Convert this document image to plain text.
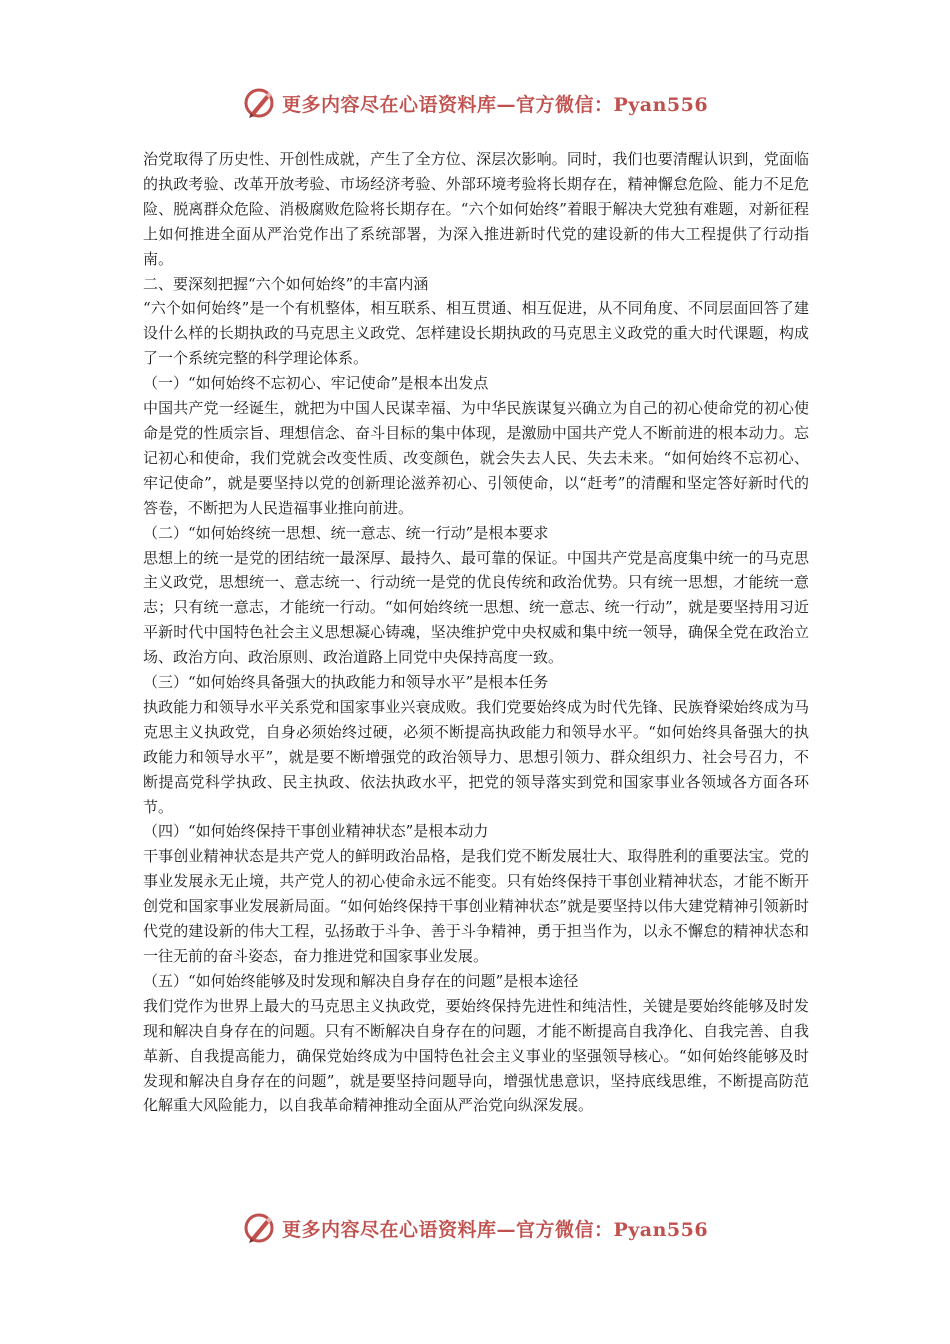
更多内容尽在心语资料库—官方微信：Pyan556

治党取得了历史性、开创性成就，产生了全方位、深层次影响。同时，我们也要清醒认识到，党面临的执政考验、改革开放考验、市场经济考验、外部环境考验将长期存在，精神懈怠危险、能力不足危险、脱离群众危险、消极腐败危险将长期存在。“六个如何始终”着眼于解决大党独有难题，对新征程上如何推进全面从严治党作出了系统部署，为深入推进新时代党的建设新的伟大工程提供了行动指南。

二、要深刻把握“六个如何始终”的丰富内涵

“六个如何始终”是一个有机整体，相互联系、相互贯通、相互促进，从不同角度、不同层面回答了建设什么样的长期执政的马克思主义政党、怎样建设长期执政的马克思主义政党的重大时代课题，构成了一个系统完整的科学理论体系。

（一）“如何始终不忘初心、牢记使命”是根本出发点

中国共产党一经诞生，就把为中国人民谋幸福、为中华民族谋复兴确立为自己的初心使命党的初心使命是党的性质宗旨、理想信念、奋斗目标的集中体现，是激励中国共产党人不断前进的根本动力。忘记初心和使命，我们党就会改变性质、改变颜色，就会失去人民、失去未来。“如何始终不忘初心、牢记使命”，就是要坚持以党的创新理论滋养初心、引领使命，以“赶考”的清醒和坚定答好新时代的答卷，不断把为人民造福事业推向前进。

（二）“如何始终统一思想、统一意志、统一行动”是根本要求

思想上的统一是党的团结统一最深厚、最持久、最可靠的保证。中国共产党是高度集中统一的马克思主义政党，思想统一、意志统一、行动统一是党的优良传统和政治优势。只有统一思想，才能统一意志；只有统一意志，才能统一行动。“如何始终统一思想、统一意志、统一行动”，就是要坚持用习近平新时代中国特色社会主义思想凝心铸魂，坚决维护党中央权威和集中统一领导，确保全党在政治立场、政治方向、政治原则、政治道路上同党中央保持高度一致。

（三）“如何始终具备强大的执政能力和领导水平”是根本任务

执政能力和领导水平关系党和国家事业兴衰成败。我们党要始终成为时代先锋、民族脊梁始终成为马克思主义执政党，自身必须始终过硬，必须不断提高执政能力和领导水平。“如何始终具备强大的执政能力和领导水平”，就是要不断增强党的政治领导力、思想引领力、群众组织力、社会号召力，不断提高党科学执政、民主执政、依法执政水平，把党的领导落实到党和国家事业各领域各方面各环节。

（四）“如何始终保持干事创业精神状态”是根本动力

干事创业精神状态是共产党人的鲜明政治品格，是我们党不断发展壮大、取得胜利的重要法宝。党的事业发展永无止境，共产党人的初心使命永远不能变。只有始终保持干事创业精神状态，才能不断开创党和国家事业发展新局面。“如何始终保持干事创业精神状态”就是要坚持以伟大建党精神引领新时代党的建设新的伟大工程，弘扬敢于斗争、善于斗争精神，勇于担当作为，以永不懈怠的精神状态和一往无前的奋斗姿态，奋力推进党和国家事业发展。

（五）“如何始终能够及时发现和解决自身存在的问题”是根本途径

我们党作为世界上最大的马克思主义执政党，要始终保持先进性和纯洁性，关键是要始终能够及时发现和解决自身存在的问题。只有不断解决自身存在的问题，才能不断提高自我净化、自我完善、自我革新、自我提高能力，确保党始终成为中国特色社会主义事业的坚强领导核心。“如何始终能够及时发现和解决自身存在的问题”，就是要坚持问题导向，增强忧患意识，坚持底线思维，不断提高防范化解重大风险能力，以自我革命精神推动全面从严治党向纵深发展。

更多内容尽在心语资料库—官方微信：Pyan556
